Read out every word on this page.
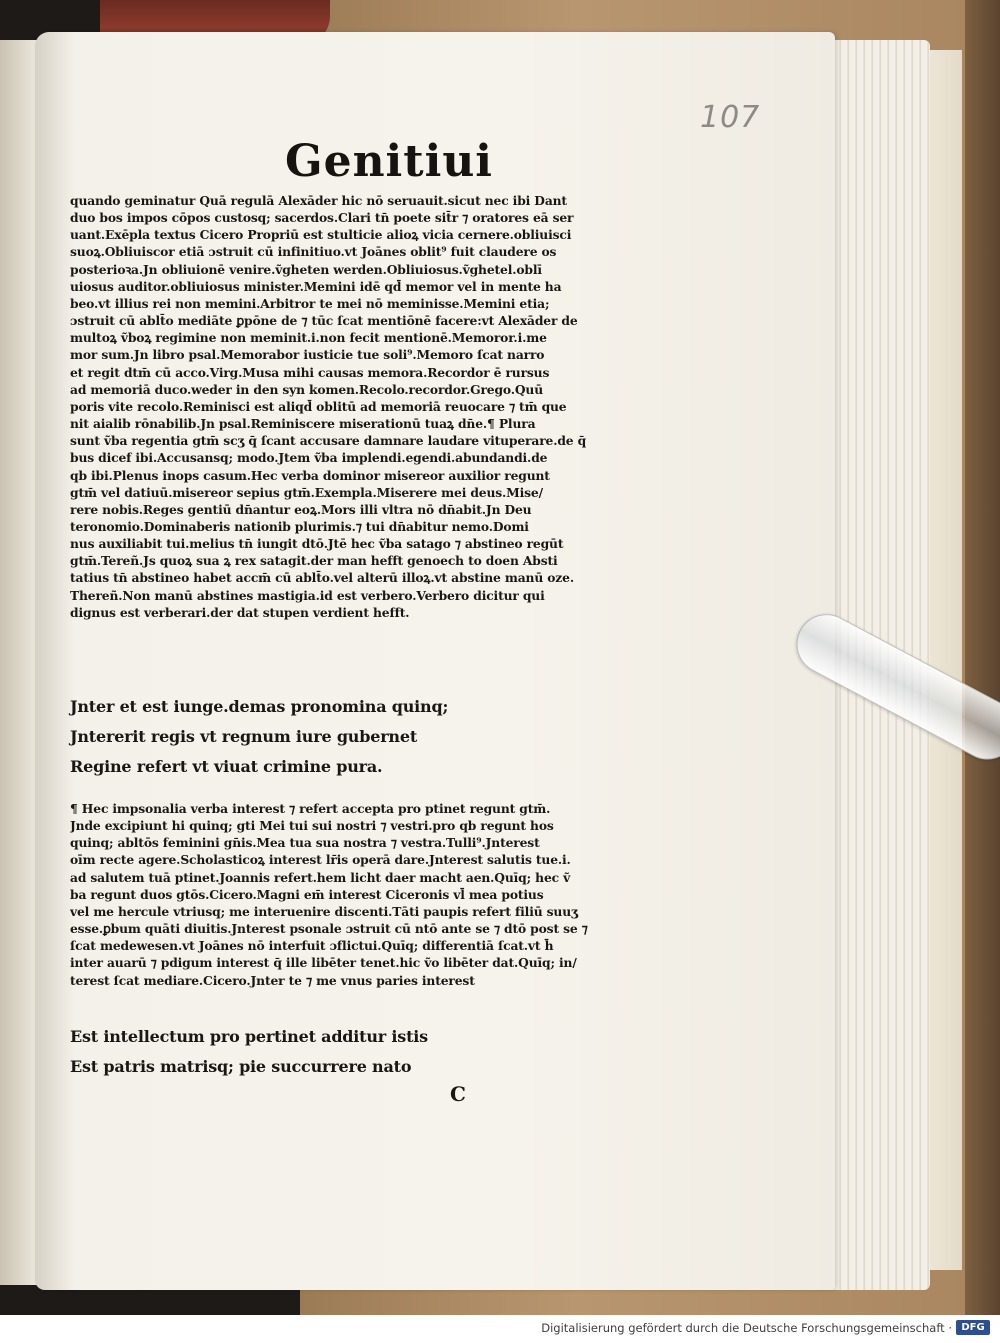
107
Genitiui

quando geminatur Quā regulā Alexāder hic nō seruauit.sicut nec ibi Dant

duo bos impos cōpos custosq; sacerdos.Clari tn̄ poete sit̄r ⁊ oratores eā ser

uant.Exēpla textus Cicero Propriū est stulticie alioꝝ vicia cernere.obliuisci

suoꝝ.Obliuiscor etiā ɔstruit cū infinitiuo.vt Joānes oblit⁹ fuit claudere os

posterioꝛa.Jn obliuionē venire.ṽgheten werden.Obliuiosus.ṽghetel.oblī

uiosus auditor.obliuiosus minister.Memini idē qd̄ memor vel in mente ha

beo.vt illius rei non memini.Arbitror te mei nō meminisse.Memini etia;

ɔstruit cū ablt̄o mediāte ꝑpōne de ⁊ tūc ſcat mentiōnē facere:vt Alexāder de

multoꝝ ṽboꝝ regimine non meminit.i.non fecit mentionē.Memoror.i.me

mor sum.Jn libro psal.Memorabor iusticie tue soli⁹.Memoro ſcat narro

et regit dtm̄ cū acco.Virg.Musa mihi causas memora.Recordor ē rursus

ad memoriā duco.weder in den syn komen.Recolo.recordor.Grego.Quū

poris vite recolo.Reminisci est aliqd̄ oblitū ad memoriā reuocare ⁊ tm̄ que

nit aialib rōnabilib.Jn psal.Reminiscere miserationū tuaꝝ dn̄e.¶ Plura

sunt ṽba regentia gtm̄ scʒ q̄ ſcant accusare damnare laudare vituperare.de q̄

bus dicef ibi.Accusansq; modo.Jtem ṽba implendi.egendi.abundandi.de

qb ibi.Plenus inops casum.Hec verba dominor misereor auxilior regunt

gtm̄ vel datiuū.misereor sepius gtm̄.Exempla.Miserere mei deus.Mise/

rere nobis.Reges gentiū dn̄antur eoꝝ.Mors illi vltra nō dn̄abit.Jn Deu

teronomio.Dominaberis nationib plurimis.⁊ tui dn̄abitur nemo.Domi

nus auxiliabit tui.melius tn̄ iungit dtō.Jtē hec ṽba satago ⁊ abstineo regūt

gtm̄.Tereñ.Js quoꝝ sua ꝝ rex satagit.der man hefft genoech to doen Absti

tatius tn̄ abstineo habet accm̄ cū ablt̄o.vel alterū illoꝝ.vt abstine manū oze.

Thereñ.Non manū abstines mastigia.id est verbero.Verbero dicitur qui

dignus est verberari.der dat stupen verdient hefft.

Jnter et est iunge.demas pronomina quinq;

Jntererit regis vt regnum iure gubernet

Regine refert vt viuat crimine pura.

¶ Hec impsonalia verba interest ⁊ refert accepta pro ptinet regunt gtm̄.

Jnde excipiunt hi quinq; gti Mei tui sui nostri ⁊ vestri.pro qb regunt hos

quinq; abltōs feminini gn̄is.Mea tua sua nostra ⁊ vestra.Tulli⁹.Jnterest

oīm recte agere.Scholasticoꝝ interest lr̄is operā dare.Jnterest salutis tue.i.

ad salutem tuā ptinet.Joannis refert.hem licht daer macht aen.Quīq; hec ṽ

ba regunt duos gtōs.Cicero.Magni em̄ interest Ciceronis vl̄ mea potius

vel me hercule vtriusq; me interuenire discenti.Tāti paupis refert filiū suuʒ

esse.ꝑbum quāti diuitis.Jnterest psonale ɔstruit cū ntō ante se ⁊ dtō post se ⁊

ſcat medewesen.vt Joānes nō interfuit ɔflictui.Quīq; differentiā ſcat.vt h̄

inter auarū ⁊ pdigum interest q̄ ille libēter tenet.hic ṽo libēter dat.Quīq; in/

terest ſcat mediare.Cicero.Jnter te ⁊ me vnus paries interest

Est intellectum pro pertinet additur istis

Est patris matrisq; pie succurrere nato

C
Digitalisierung gefördert durch die Deutsche Forschungsgemeinschaft · DFG
